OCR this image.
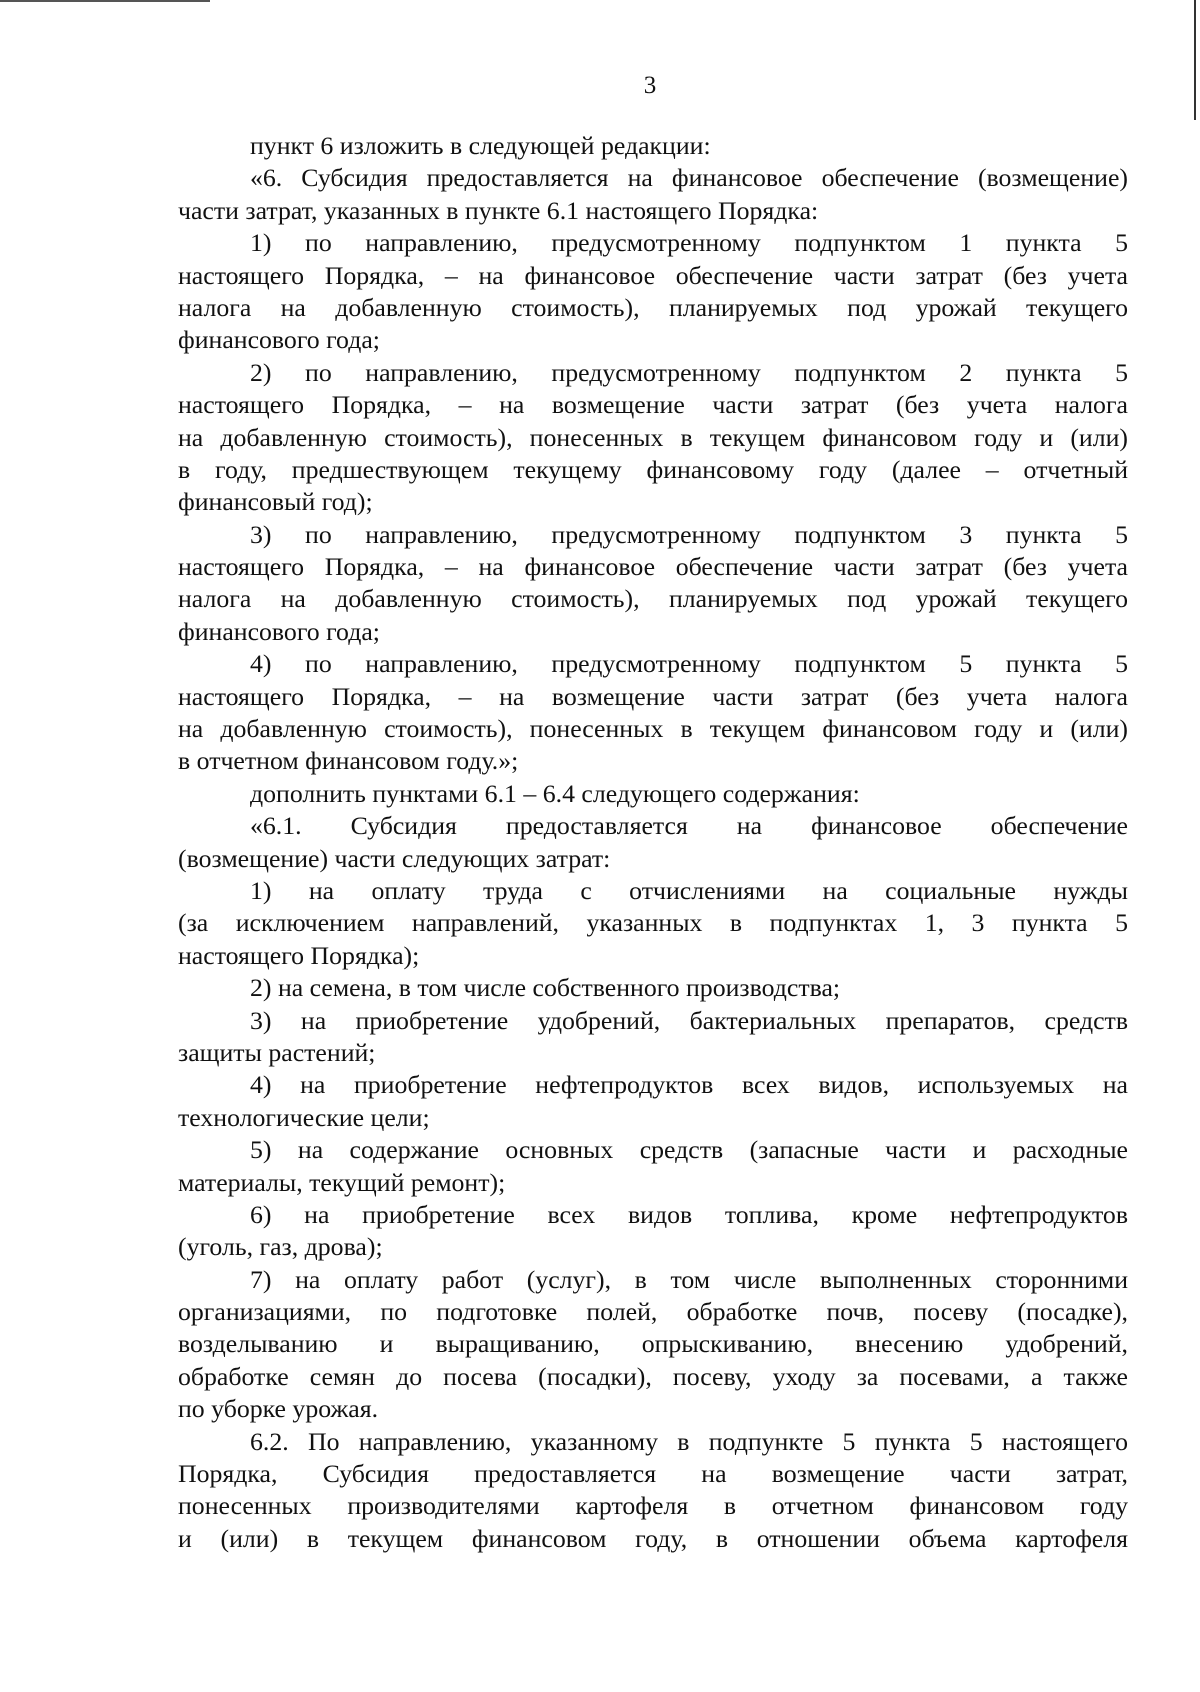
3
пункт 6 изложить в следующей редакции:
«6. Субсидия предоставляется на финансовое обеспечение (возмещение)
части затрат, указанных в пункте 6.1 настоящего Порядка:
1) по направлению, предусмотренному подпунктом 1 пункта 5
настоящего Порядка, – на финансовое обеспечение части затрат (без учета
налога на добавленную стоимость), планируемых под урожай текущего
финансового года;
2) по направлению, предусмотренному подпунктом 2 пункта 5
настоящего Порядка, – на возмещение части затрат (без учета налога
на добавленную стоимость), понесенных в текущем финансовом году и (или)
в году, предшествующем текущему финансовому году (далее – отчетный
финансовый год);
3) по направлению, предусмотренному подпунктом 3 пункта 5
настоящего Порядка, – на финансовое обеспечение части затрат (без учета
налога на добавленную стоимость), планируемых под урожай текущего
финансового года;
4) по направлению, предусмотренному подпунктом 5 пункта 5
настоящего Порядка, – на возмещение части затрат (без учета налога
на добавленную стоимость), понесенных в текущем финансовом году и (или)
в отчетном финансовом году.»;
дополнить пунктами 6.1 – 6.4 следующего содержания:
«6.1. Субсидия предоставляется на финансовое обеспечение
(возмещение) части следующих затрат:
1) на оплату труда с отчислениями на социальные нужды
(за исключением направлений, указанных в подпунктах 1, 3 пункта 5
настоящего Порядка);
2) на семена, в том числе собственного производства;
3) на приобретение удобрений, бактериальных препаратов, средств
защиты растений;
4) на приобретение нефтепродуктов всех видов, используемых на
технологические цели;
5) на содержание основных средств (запасные части и расходные
материалы, текущий ремонт);
6) на приобретение всех видов топлива, кроме нефтепродуктов
(уголь, газ, дрова);
7) на оплату работ (услуг), в том числе выполненных сторонними
организациями, по подготовке полей, обработке почв, посеву (посадке),
возделыванию и выращиванию, опрыскиванию, внесению удобрений,
обработке семян до посева (посадки), посеву, уходу за посевами, а также
по уборке урожая.
6.2. По направлению, указанному в подпункте 5 пункта 5 настоящего
Порядка, Субсидия предоставляется на возмещение части затрат,
понесенных производителями картофеля в отчетном финансовом году
и (или) в текущем финансовом году, в отношении объема картофеля
